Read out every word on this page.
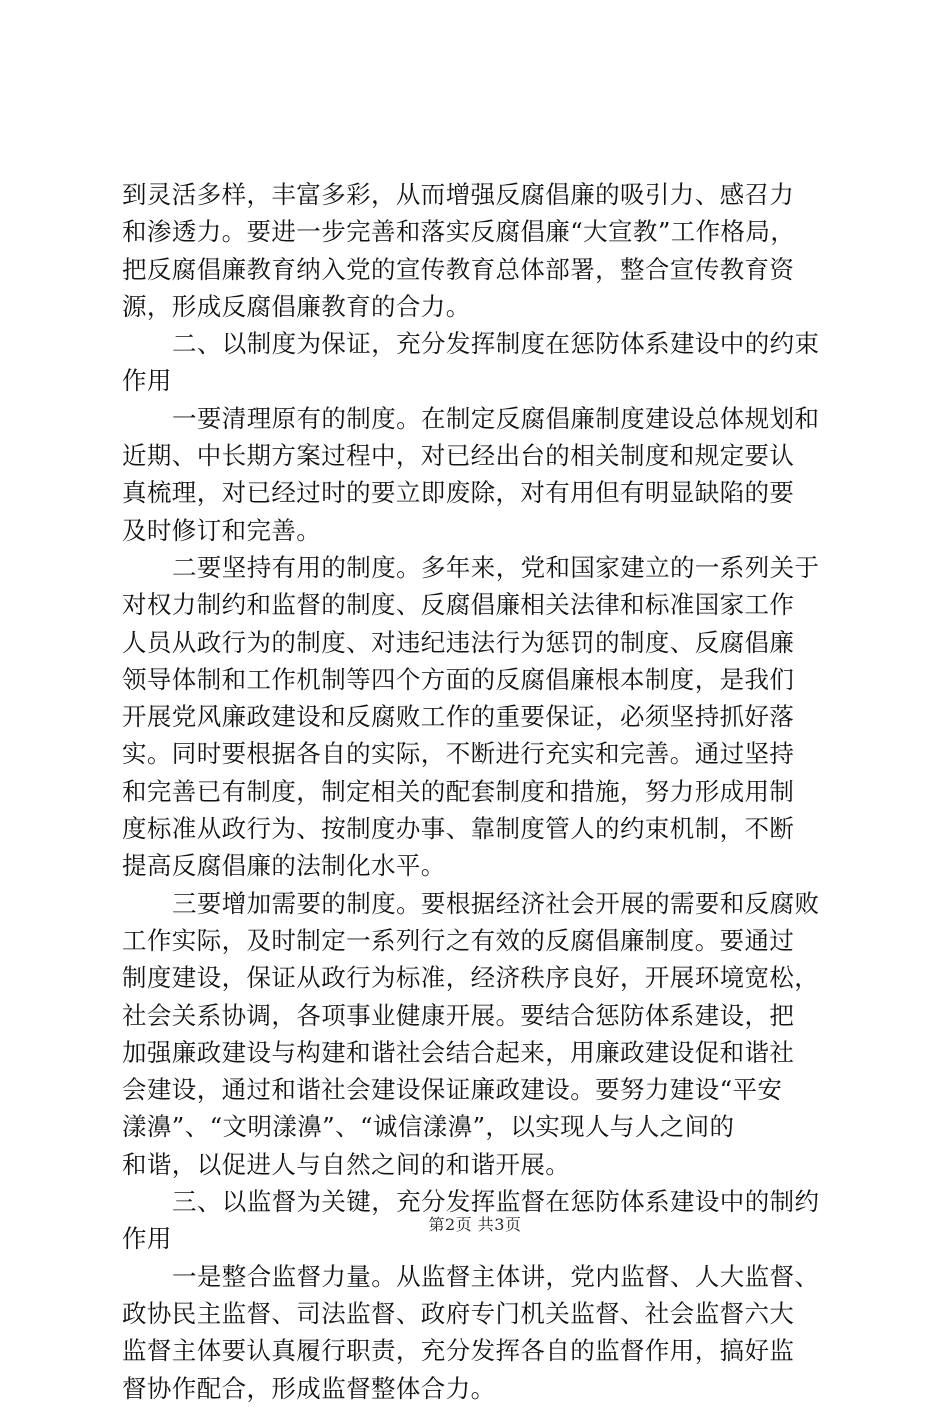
到灵活多样，丰富多彩，从而增强反腐倡廉的吸引力、感召力
和渗透力。要进一步完善和落实反腐倡廉“大宣教”工作格局，
把反腐倡廉教育纳入党的宣传教育总体部署，整合宣传教育资
源，形成反腐倡廉教育的合力。
二、以制度为保证，充分发挥制度在惩防体系建设中的约束
作用
一要清理原有的制度。在制定反腐倡廉制度建设总体规划和
近期、中长期方案过程中，对已经出台的相关制度和规定要认
真梳理，对已经过时的要立即废除，对有用但有明显缺陷的要
及时修订和完善。
二要坚持有用的制度。多年来，党和国家建立的一系列关于
对权力制约和监督的制度、反腐倡廉相关法律和标准国家工作
人员从政行为的制度、对违纪违法行为惩罚的制度、反腐倡廉
领导体制和工作机制等四个方面的反腐倡廉根本制度，是我们
开展党风廉政建设和反腐败工作的重要保证，必须坚持抓好落
实。同时要根据各自的实际，不断进行充实和完善。通过坚持
和完善已有制度，制定相关的配套制度和措施，努力形成用制
度标准从政行为、按制度办事、靠制度管人的约束机制，不断
提高反腐倡廉的法制化水平。
三要增加需要的制度。要根据经济社会开展的需要和反腐败
工作实际，及时制定一系列行之有效的反腐倡廉制度。要通过
制度建设，保证从政行为标准，经济秩序良好，开展环境宽松，
社会关系协调，各项事业健康开展。要结合惩防体系建设，把
加强廉政建设与构建和谐社会结合起来，用廉政建设促和谐社
会建设，通过和谐社会建设保证廉政建设。要努力建设“平安
漾濞”、“文明漾濞”、“诚信漾濞”，以实现人与人之间的
和谐，以促进人与自然之间的和谐开展。
三、以监督为关键，充分发挥监督在惩防体系建设中的制约
作用
一是整合监督力量。从监督主体讲，党内监督、人大监督、
政协民主监督、司法监督、政府专门机关监督、社会监督六大
监督主体要认真履行职责，充分发挥各自的监督作用，搞好监
督协作配合，形成监督整体合力。
第2页 共3页
